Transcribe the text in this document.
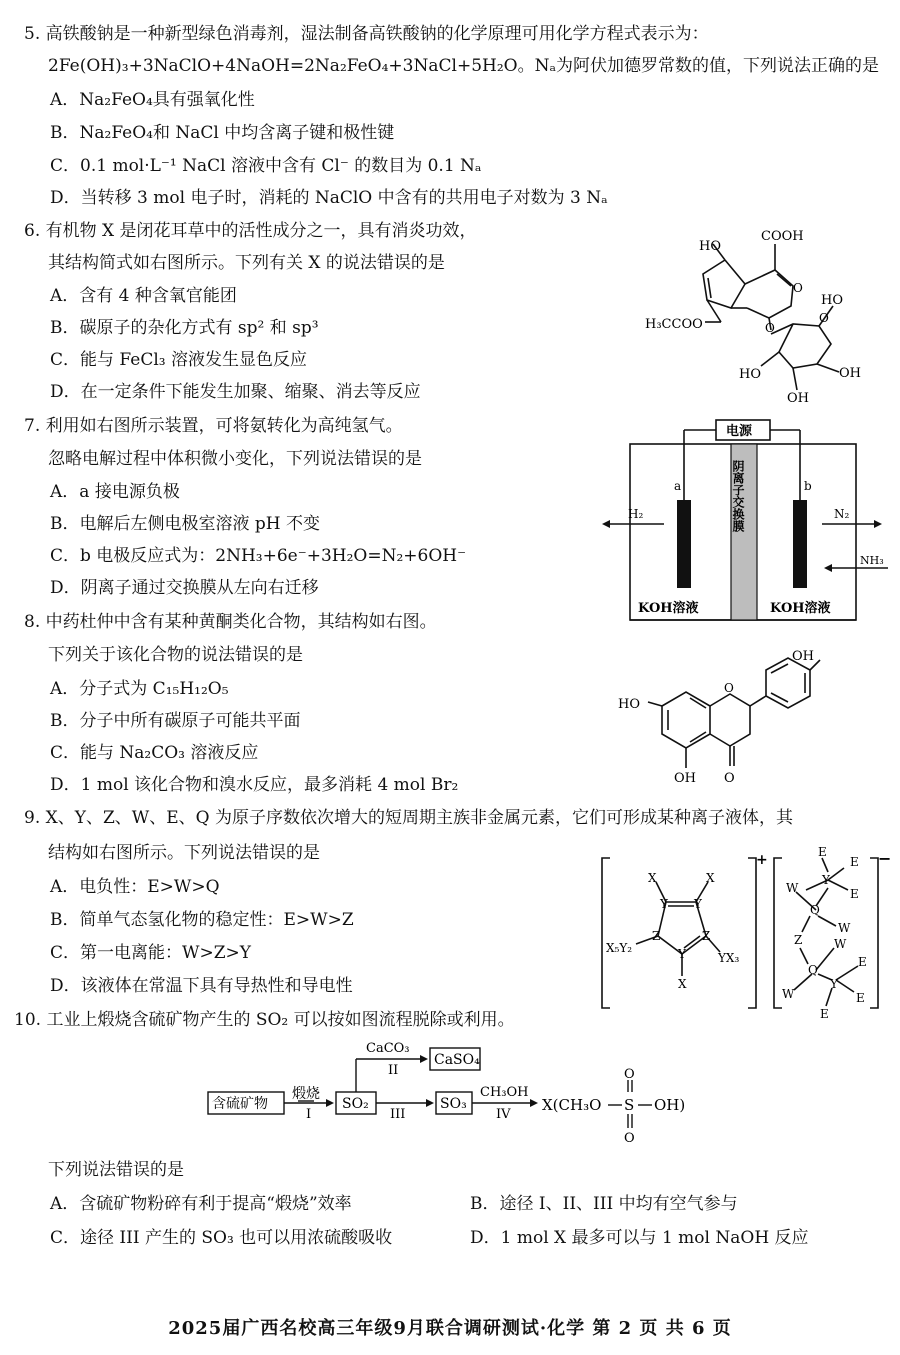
5. 高铁酸钠是一种新型绿色消毒剂，湿法制备高铁酸钠的化学原理可用化学方程式表示为：
2Fe(OH)₃+3NaClO+4NaOH=2Na₂FeO₄+3NaCl+5H₂O。Nₐ为阿伏加德罗常数的值，下列说法正确的是
A．Na₂FeO₄具有强氧化性
B．Na₂FeO₄和 NaCl 中均含离子键和极性键
C．0.1 mol·L⁻¹ NaCl 溶液中含有 Cl⁻ 的数目为 0.1 Nₐ
D．当转移 3 mol 电子时，消耗的 NaClO 中含有的共用电子对数为 3 Nₐ
6. 有机物 X 是闭花耳草中的活性成分之一，具有消炎功效，
其结构简式如右图所示。下列有关 X 的说法错误的是
A．含有 4 种含氧官能团
B．碳原子的杂化方式有 sp² 和 sp³
C．能与 FeCl₃ 溶液发生显色反应
D．在一定条件下能发生加聚、缩聚、消去等反应
HO
COOH
H₃CCOO
O
O
O
HO
HO	OH
OH
7. 利用如右图所示装置，可将氨转化为高纯氢气。
忽略电解过程中体积微小变化，下列说法错误的是
A．a 接电源负极
B．电解后左侧电极室溶液 pH 不变
C．b 电极反应式为：2NH₃+6e⁻+3H₂O=N₂+6OH⁻
D．阴离子通过交换膜从左向右迁移
电源
阴离子交换膜
a	b
H₂	N₂
NH₃
KOH溶液	KOH溶液
8. 中药杜仲中含有某种黄酮类化合物，其结构如右图。
下列关于该化合物的说法错误的是
A．分子式为 C₁₅H₁₂O₅
B．分子中所有碳原子可能共平面
C．能与 Na₂CO₃ 溶液反应
D．1 mol 该化合物和溴水反应，最多消耗 4 mol Br₂
O
O
OH
HO
OH
9. X、Y、Z、W、E、Q 为原子序数依次增大的短周期主族非金属元素，它们可形成某种离子液体，其
结构如右图所示。下列说法错误的是
A．电负性：E>W>Q
B．简单气态氢化物的稳定性：E>W>Z
C．第一电离能：W>Z>Y
D．该液体在常温下具有导热性和导电性
+	−
X	X
Y Y
Z	Z
Y
X
X₅Y₂
YX₃
E
E
E
Y
W
Q
W
Z	W
Q
W
Y
E
E
E
10. 工业上煅烧含硫矿物产生的 SO₂ 可以按如图流程脱除或利用。
含硫矿物
煅烧
I
SO₂
CaCO₃
II
CaSO₄
III
SO₃
CH₃OH
IV
X(CH₃O S OH)
O
O
下列说法错误的是
A．含硫矿物粉碎有利于提高“煅烧”效率	B．途径 I、II、III 中均有空气参与
C．途径 III 产生的 SO₃ 也可以用浓硫酸吸收	D．1 mol X 最多可以与 1 mol NaOH 反应
2025届广西名校高三年级9月联合调研测试·化学 第 2 页 共 6 页
